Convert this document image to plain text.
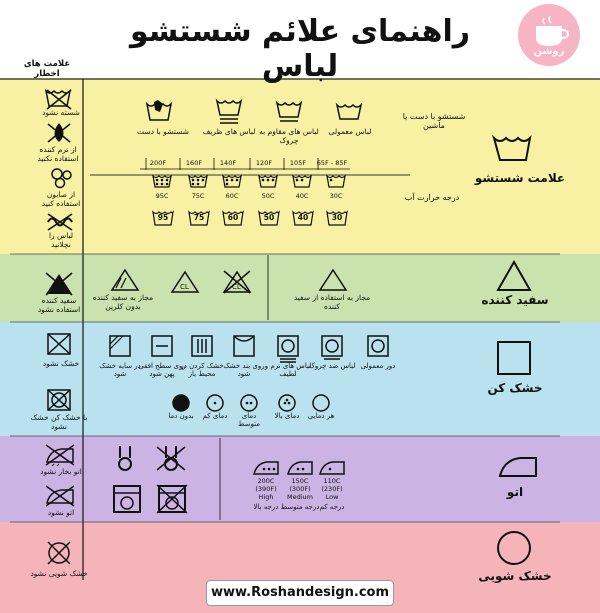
راهنمای علائم شستشو لباس	روشن
علامت های اخطار
علامت شستشو
شستشو با دست یا ماشین
درجه حرارت آب
لباس معمولی
لباس های مقاوم به چروک
لباس های ظریف
شستشو با دست
65F - 85F
30C
30
105F
40C
40
120F
50C
50
140F
60C
60
160F
75C
75
200F
95C
95
شسته نشود
از نرم کننده استفاده نکنید
از صابون استفاده کنید
لباس را نچلانید
سفید کننده
مجاز به استفاده از سفید کننده
CL	CL
مجاز به سفید کننده بدون کلرین
سفید کننده استفاده نشود
خشک کن
دور معمولی
لباس ضد چروک
لباس های نرم و لطیف
روی بند خشک شود
خشک کردن در محیط باز
روی سطح افقی پهن شود
در سایه خشک شود
هر دمایی
دمای بالا
دمای متوسط
دمای کم
بدون دما
خشک نشود
با خشک کن خشک نشود
اتو
110C
(230F)
Low
درجه کم
150C
(300F)
Medium
درجه متوسط
200C
(390F)
High
درجه بالا
اتو بخار نشود
اتو نشود
خشک شویی
خشک شویی نشود
www.Roshandesign.com
